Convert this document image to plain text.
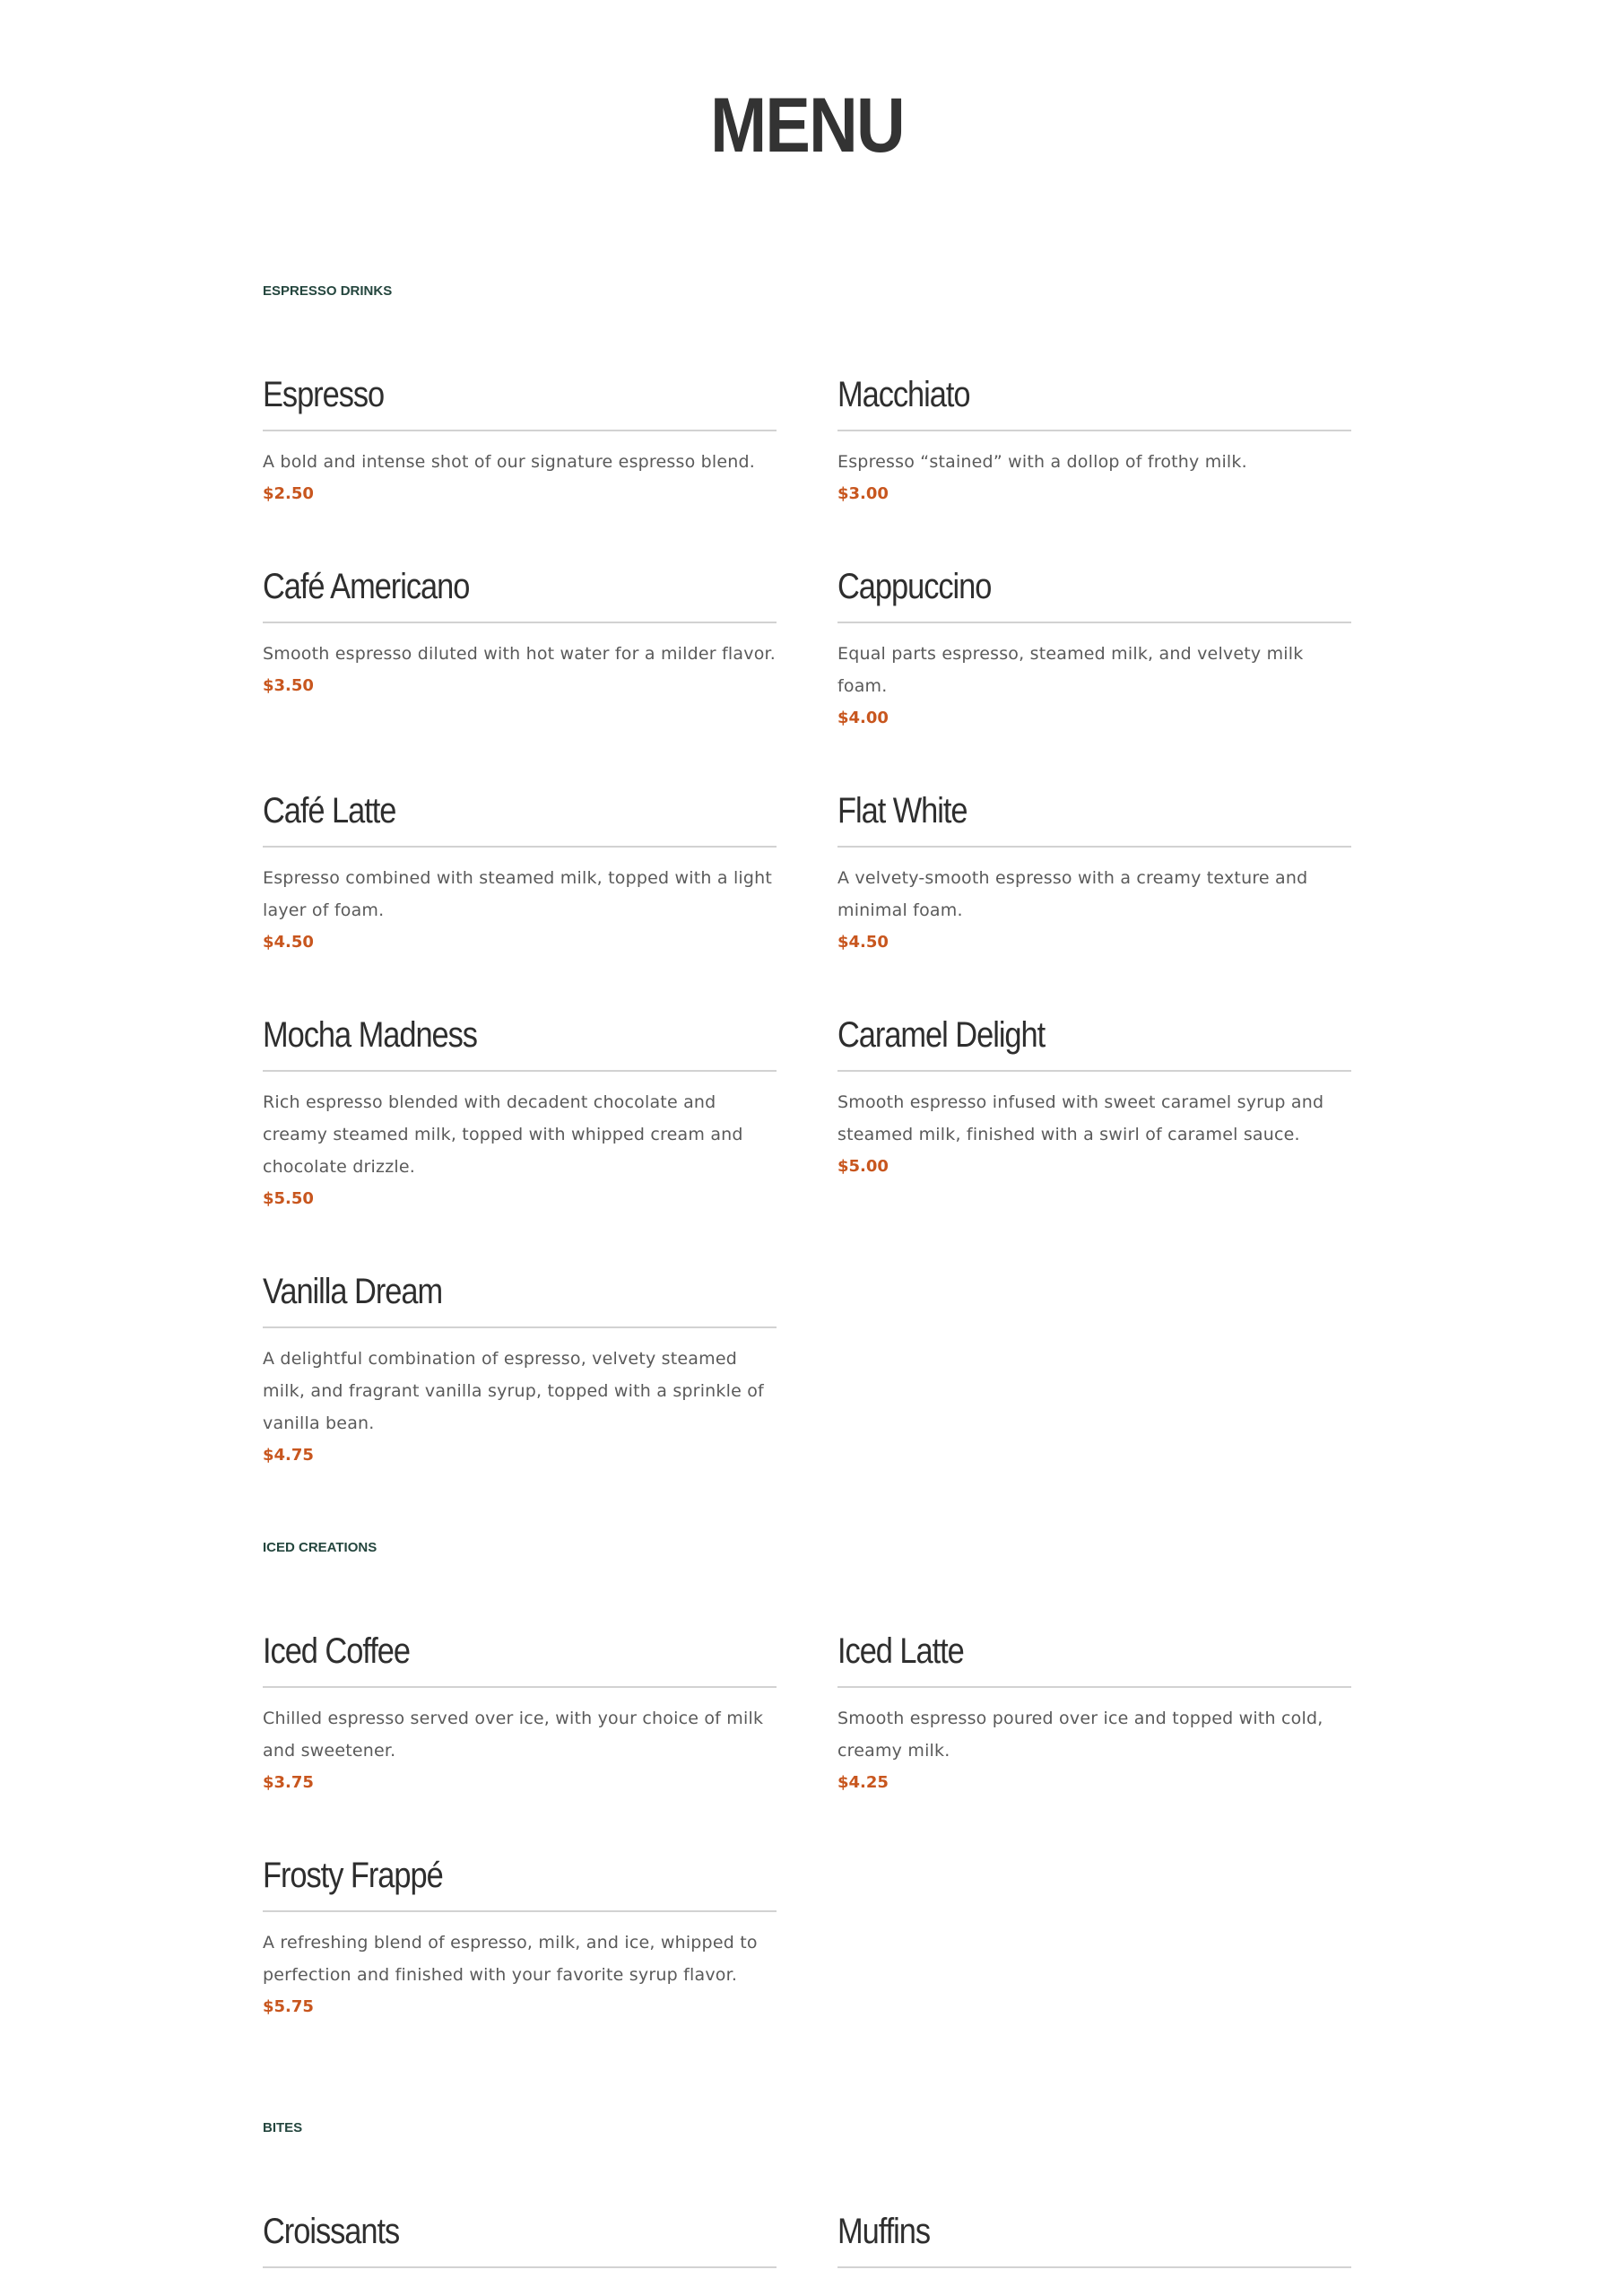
MENU
ESPRESSO DRINKS
Espresso

A bold and intense shot of our signature espresso blend.

$2.50

Macchiato

Espresso “stained” with a dollop of frothy milk.

$3.00

Café Americano

Smooth espresso diluted with hot water for a milder flavor.

$3.50

Cappuccino

Equal parts espresso, steamed milk, and velvety milk foam.

$4.00

Café Latte

Espresso combined with steamed milk, topped with a light layer of foam.

$4.50

Flat White

A velvety-smooth espresso with a creamy texture and minimal foam.

$4.50

Mocha Madness

Rich espresso blended with decadent chocolate and creamy steamed milk, topped with whipped cream and chocolate drizzle.

$5.50

Caramel Delight

Smooth espresso infused with sweet caramel syrup and steamed milk, finished with a swirl of caramel sauce.

$5.00

Vanilla Dream

A delightful combination of espresso, velvety steamed milk, and fragrant vanilla syrup, topped with a sprinkle of vanilla bean.

$4.75

ICED CREATIONS
Iced Coffee

Chilled espresso served over ice, with your choice of milk and sweetener.

$3.75

Iced Latte

Smooth espresso poured over ice and topped with cold, creamy milk.

$4.25

Frosty Frappé

A refreshing blend of espresso, milk, and ice, whipped to perfection and finished with your favorite syrup flavor.

$5.75

BITES
Croissants	Muffins
